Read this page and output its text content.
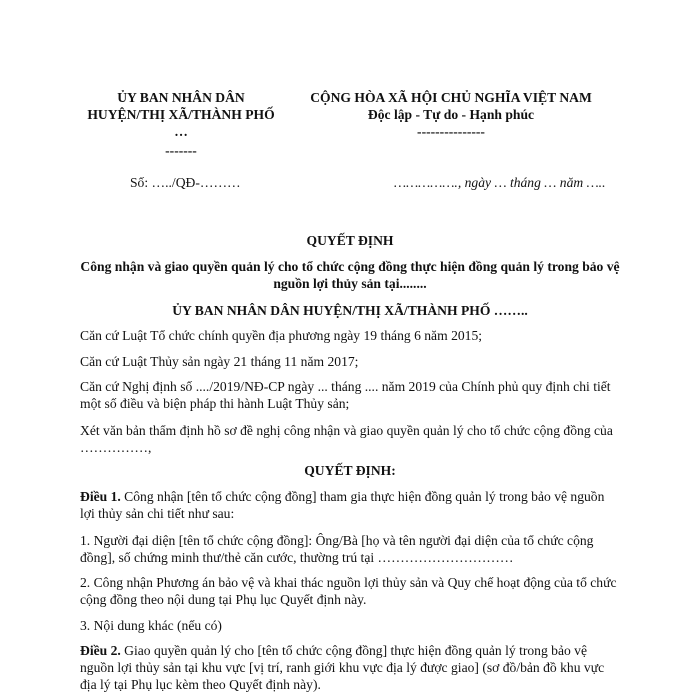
ỦY BAN NHÂN DÂN
HUYỆN/THỊ XÃ/THÀNH PHỐ
…
-------
CỘNG HÒA XÃ HỘI CHỦ NGHĨA VIỆT NAM
Độc lập - Tự do - Hạnh phúc
---------------
Số: …../QĐ-………	……………., ngày … tháng … năm …..
QUYẾT ĐỊNH
Công nhận và giao quyền quản lý cho tổ chức cộng đồng thực hiện đồng quản lý trong bảo vệ nguồn lợi thủy sản tại........
ỦY BAN NHÂN DÂN HUYỆN/THỊ XÃ/THÀNH PHỐ ……..
Căn cứ Luật Tổ chức chính quyền địa phương ngày 19 tháng 6 năm 2015;
Căn cứ Luật Thủy sản ngày 21 tháng 11 năm 2017;
Căn cứ Nghị định số ..../2019/NĐ-CP ngày ... tháng .... năm 2019 của Chính phủ quy định chi tiết một số điều và biện pháp thi hành Luật Thủy sản;
Xét văn bản thẩm định hồ sơ đề nghị công nhận và giao quyền quản lý cho tổ chức cộng đồng của ……………,
QUYẾT ĐỊNH:
Điều 1. Công nhận [tên tổ chức cộng đồng] tham gia thực hiện đồng quản lý trong bảo vệ nguồn lợi thủy sản chi tiết như sau:
1. Người đại diện [tên tổ chức cộng đồng]: Ông/Bà [họ và tên người đại diện của tổ chức cộng đồng], số chứng minh thư/thẻ căn cước, thường trú tại …………………………
2. Công nhận Phương án bảo vệ và khai thác nguồn lợi thủy sản và Quy chế hoạt động của tổ chức cộng đồng theo nội dung tại Phụ lục Quyết định này.
3. Nội dung khác (nếu có)
Điều 2. Giao quyền quản lý cho [tên tổ chức cộng đồng] thực hiện đồng quản lý trong bảo vệ nguồn lợi thủy sản tại khu vực [vị trí, ranh giới khu vực địa lý được giao] (sơ đồ/bản đồ khu vực địa lý tại Phụ lục kèm theo Quyết định này).
